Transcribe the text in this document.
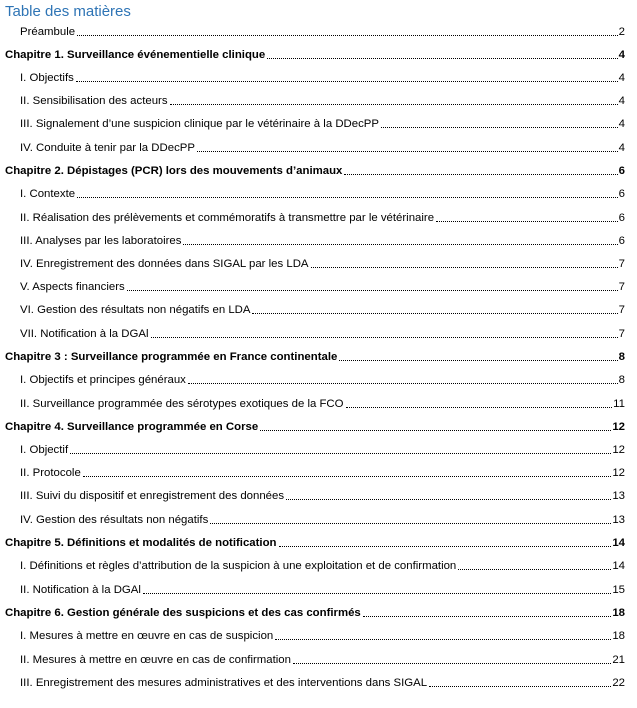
Table des matières
Préambule	2
Chapitre 1. Surveillance événementielle clinique	4
I. Objectifs	4
II. Sensibilisation des acteurs	4
III. Signalement d’une suspicion clinique par le vétérinaire à la DDecPP	4
IV. Conduite à tenir par la DDecPP	4
Chapitre 2. Dépistages (PCR) lors des mouvements d’animaux	6
I. Contexte	6
II. Réalisation des prélèvements et commémoratifs à transmettre par le vétérinaire	6
III. Analyses par les laboratoires	6
IV. Enregistrement des données dans SIGAL par les LDA	7
V. Aspects financiers	7
VI. Gestion des résultats non négatifs en LDA	7
VII. Notification à la DGAl	7
Chapitre 3 : Surveillance programmée en France continentale	8
I. Objectifs et principes généraux	8
II. Surveillance programmée des sérotypes exotiques de la FCO	11
Chapitre 4. Surveillance programmée en Corse	12
I. Objectif	12
II. Protocole	12
III. Suivi du dispositif et enregistrement des données	13
IV. Gestion des résultats non négatifs	13
Chapitre 5. Définitions et modalités de notification	14
I. Définitions et règles d’attribution de la suspicion à une exploitation et de confirmation	14
II. Notification à la DGAl	15
Chapitre 6. Gestion générale des suspicions et des cas confirmés	18
I. Mesures à mettre en œuvre en cas de suspicion	18
II. Mesures à mettre en œuvre en cas de confirmation	21
III. Enregistrement des mesures administratives et des interventions dans SIGAL	22
